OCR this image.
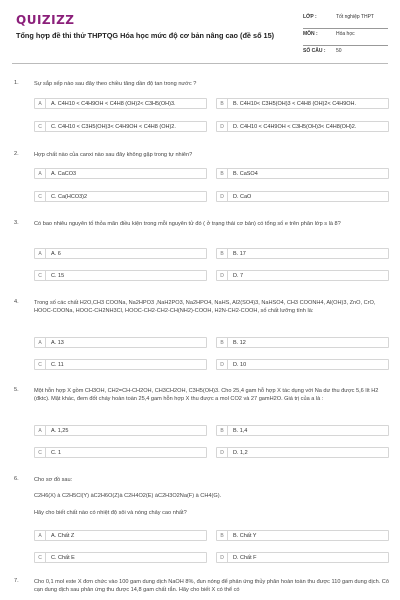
QUIZIZZ
Tổng hợp đề thi thử THPTQG Hóa học mức độ cơ bản nâng cao (đề số 15)
LỚP :	Tốt nghiệp THPT
MÔN :	Hóa học
SỐ CÂU :	50
1.	Sự sắp xếp nào sau đây theo chiều tăng dần độ tan trong nước ?
A	A. C4H10 < C4H9OH < C4H8 (OH)2< C3H5(OH)3.	B	B. C4H10< C3H5(OH)3 < C4H8 (OH)2< C4H9OH.
C	C. C4H10 < C3H5(OH)3< C4H9OH < C4H8 (OH)2.	D	D. C4H10 < C4H9OH < C3H5(OH)3< C4H8(OH)2.
2.	Hợp chất nào của canxi nào sau đây không gặp trong tự nhiên?
A	A. CaCO3	B	B. CaSO4
C	C. Ca(HCO3)2	D	D. CaO
3.	Có bao nhiêu nguyên tố thỏa mãn điều kiện trong mỗi nguyên tử đó ( ở trạng thái cơ bản) có tổng số e trên phân lớp s là 8?
A	A. 6	B	B. 17
C	C. 15	D	D. 7
4.	Trong số các chất H2O,CH3 COONa, Na2HPO3 ,NaH2PO3, Na2HPO4, NaHS, Al2(SO4)3, NaHSO4, CH3 COONH4, Al(OH)3, ZnO, CrO, HOOC-COONa, HOOC-CH2NH3Cl, HOOC-CH2-CH2-CH(NH2)-COOH, H2N-CH2-COOH, số chất lưỡng tính là:
A	A. 13	B	B. 12
C	C. 11	D	D. 10
5.	Một hỗn hợp X gồm CH3OH, CH2=CH-CH2OH, CH3CH2OH, C3H5(OH)3. Cho 25,4 gam hỗ hợp X tác dụng với Na dư thu được 5,6 lít H2 (đktc). Mặt khác, đem đốt cháy hoàn toàn 25,4 gam hỗn hợp X thu được a mol CO2 và 27 gamH2O. Giá trị của a là :
A	A. 1,25	B	B. 1,4
C	C. 1	D	D. 1,2
6.	Cho sơ đồ sau:
C2H6(X) à C2H5Cl(Y) àC2H6O(Z)à C2H4O2(E) àC2H3O2Na(F) à CH4(G).
Hãy cho biết chất nào có nhiệt độ sôi và nóng chảy cao nhất?
A	A. Chất Z	B	B. Chất Y
C	C. Chất E	D	D. Chất F
7.	Cho 0,1 mol este X đơn chức vào 100 gam dung dịch NaOH 8%, đun nóng để phản ứng thủy phân hoàn toàn thu được 110 gam dung dịch. Cô cạn dung dịch sau phản ứng thu được 14,8 gam chất rắn. Hãy cho biết X có thể có
